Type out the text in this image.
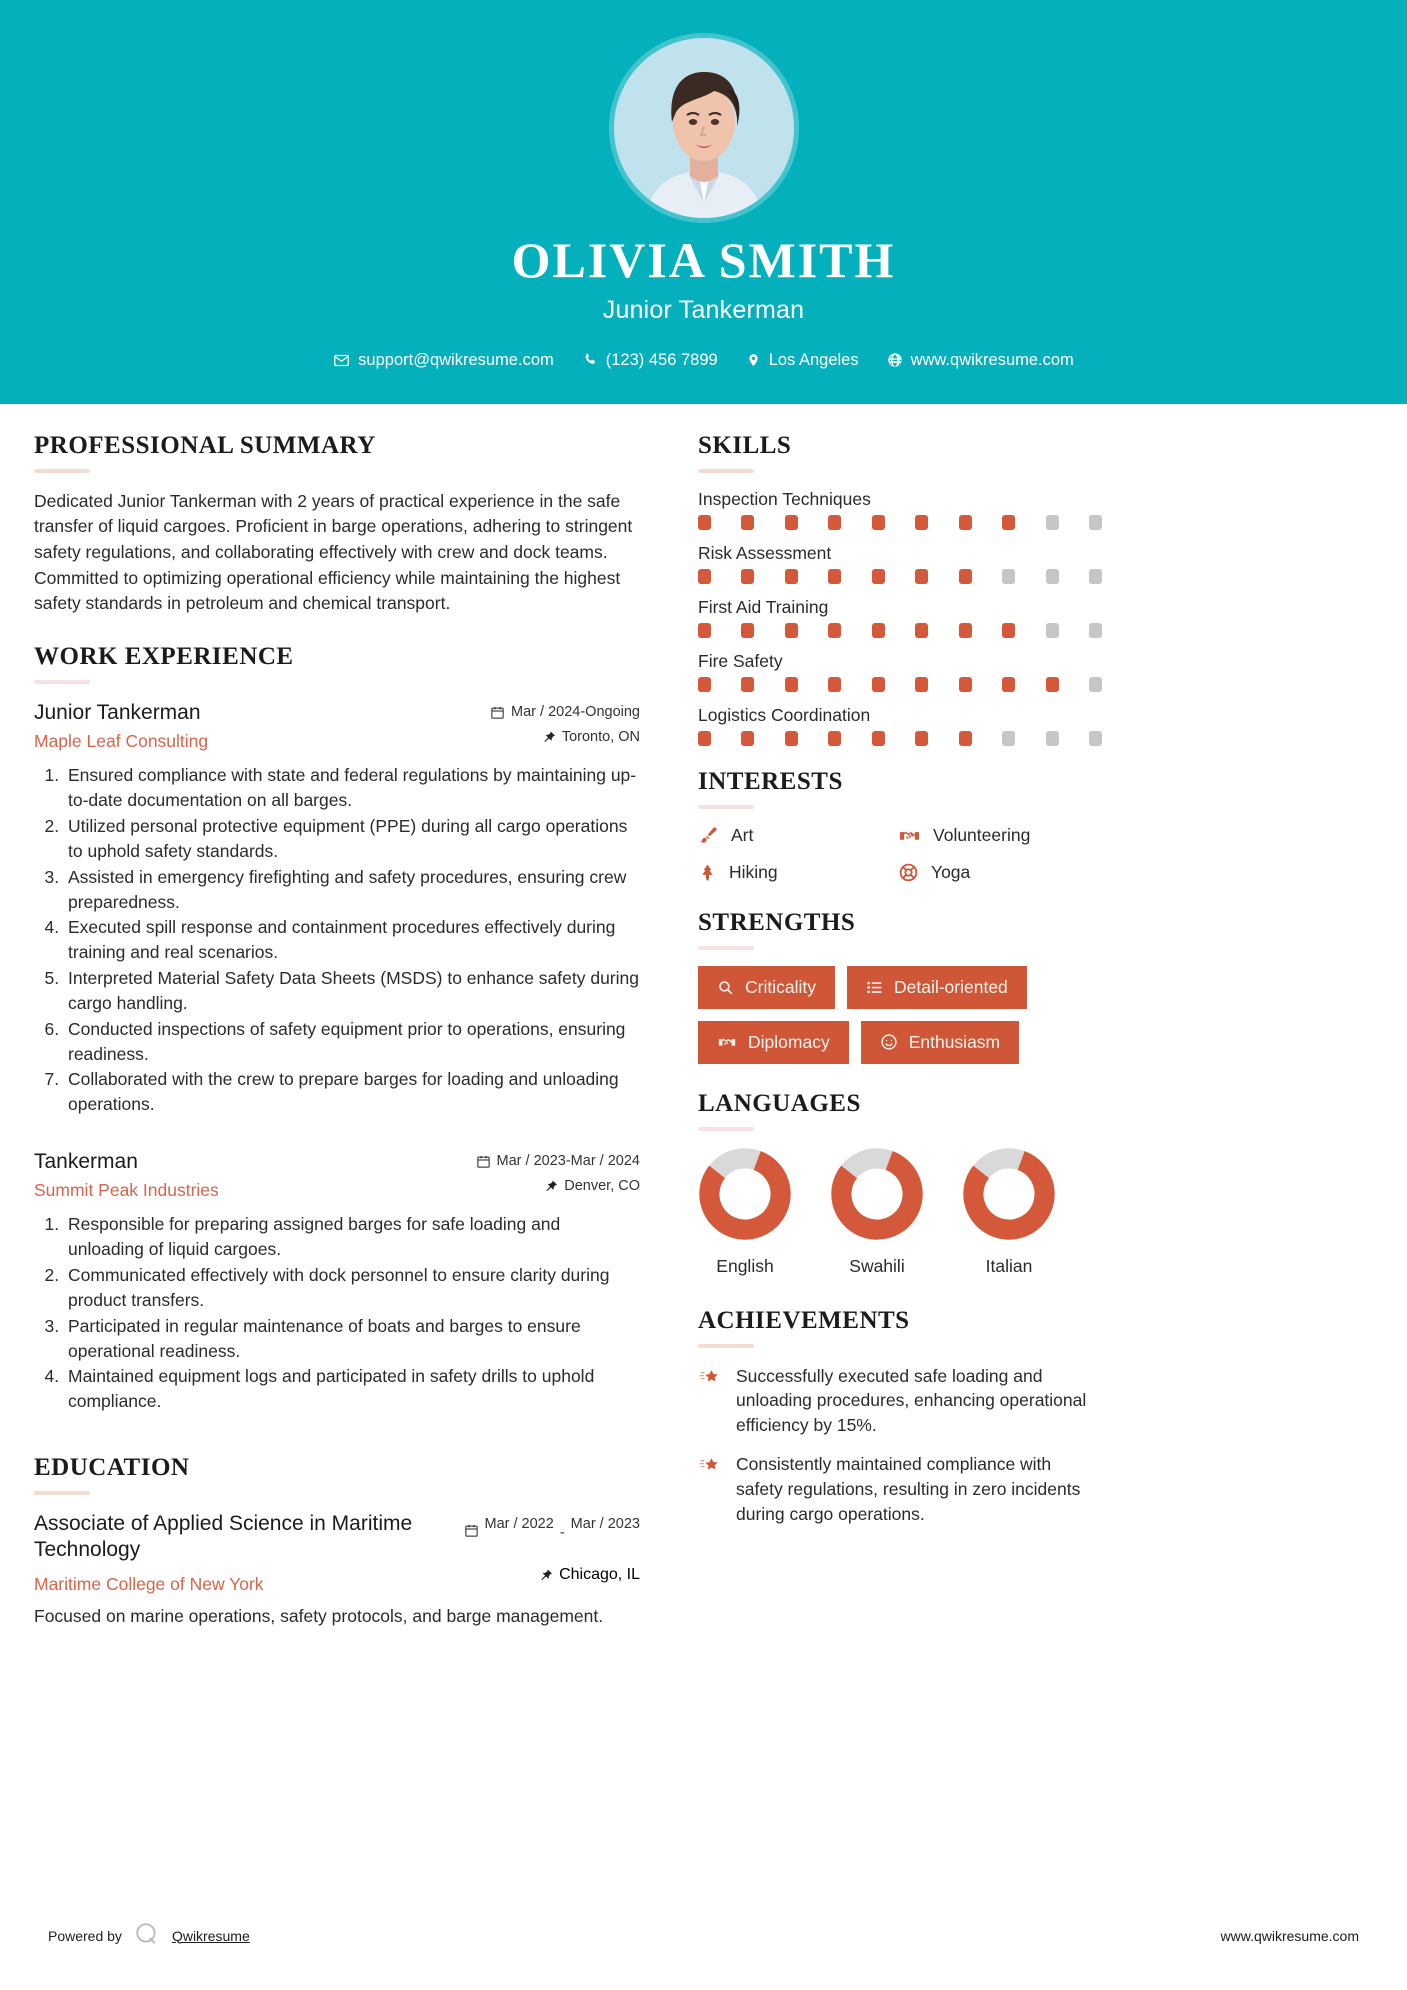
OLIVIA SMITH
Junior Tankerman
support@qwikresume.com	(123) 456 7899	Los Angeles	www.qwikresume.com
PROFESSIONAL SUMMARY
Dedicated Junior Tankerman with 2 years of practical experience in the safe transfer of liquid cargoes. Proficient in barge operations, adhering to stringent safety regulations, and collaborating effectively with crew and dock teams. Committed to optimizing operational efficiency while maintaining the highest safety standards in petroleum and chemical transport.
WORK EXPERIENCE
Junior Tankerman
Maple Leaf Consulting
Mar / 2024-Ongoing
Toronto, ON
1. Ensured compliance with state and federal regulations by maintaining up-to-date documentation on all barges.
2. Utilized personal protective equipment (PPE) during all cargo operations to uphold safety standards.
3. Assisted in emergency firefighting and safety procedures, ensuring crew preparedness.
4. Executed spill response and containment procedures effectively during training and real scenarios.
5. Interpreted Material Safety Data Sheets (MSDS) to enhance safety during cargo handling.
6. Conducted inspections of safety equipment prior to operations, ensuring readiness.
7. Collaborated with the crew to prepare barges for loading and unloading operations.
Tankerman
Summit Peak Industries
Mar / 2023-Mar / 2024
Denver, CO
1. Responsible for preparing assigned barges for safe loading and unloading of liquid cargoes.
2. Communicated effectively with dock personnel to ensure clarity during product transfers.
3. Participated in regular maintenance of boats and barges to ensure operational readiness.
4. Maintained equipment logs and participated in safety drills to uphold compliance.
EDUCATION
Associate of Applied Science in Maritime Technology
Mar / 2022
-
Mar / 2023
Maritime College of New York	Chicago, IL
Focused on marine operations, safety protocols, and barge management.
SKILLS
Inspection Techniques
Risk Assessment
First Aid Training
Fire Safety
Logistics Coordination
INTERESTS
Art	Volunteering
Hiking	Yoga
STRENGTHS
Criticality	Detail-oriented
Diplomacy	Enthusiasm
LANGUAGES
English	Swahili	Italian
ACHIEVEMENTS
Successfully executed safe loading and unloading procedures, enhancing operational efficiency by 15%.
Consistently maintained compliance with safety regulations, resulting in zero incidents during cargo operations.
Powered by	Qwikresume	www.qwikresume.com
